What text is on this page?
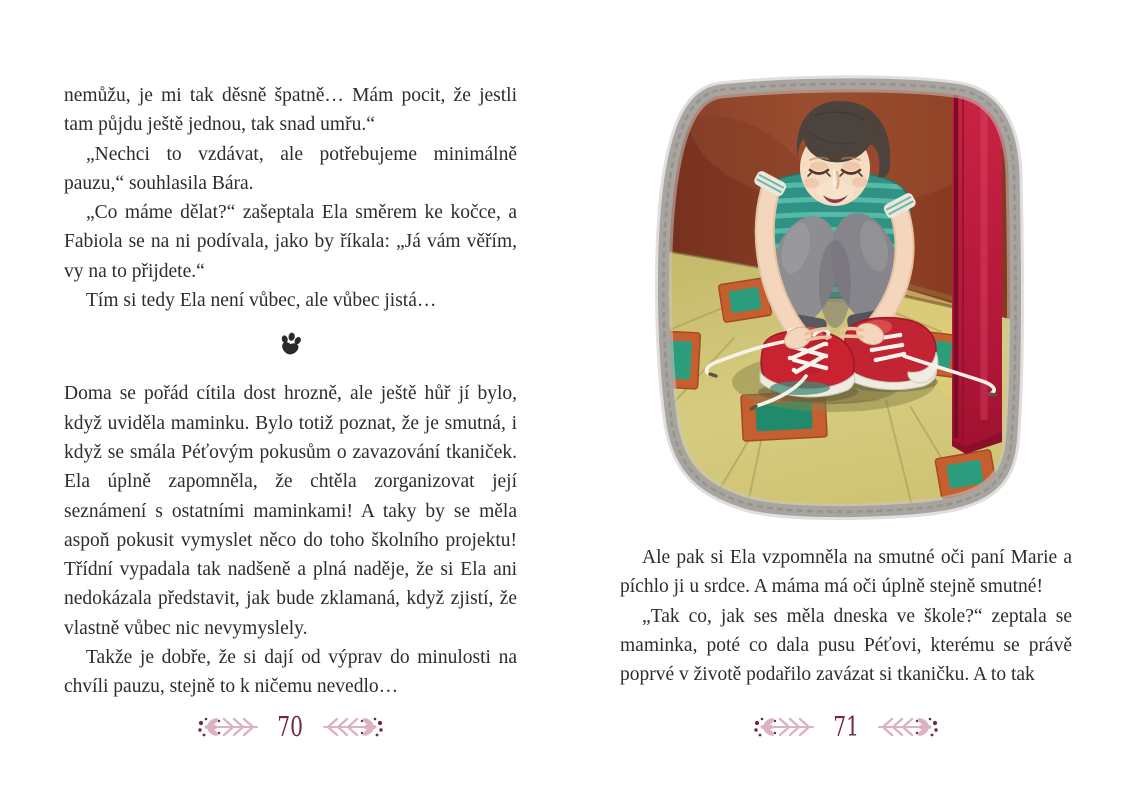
nemůžu, je mi tak děsně špatně… Mám pocit, že jestli tam půjdu ještě jednou, tak snad umřu.“

„Nechci to vzdávat, ale potřebujeme minimálně pauzu,“ souhlasila Bára.

„Co máme dělat?“ zašeptala Ela směrem ke kočce, a Fabiola se na ni podívala, jako by říkala: „Já vám věřím, vy na to přijdete.“

Tím si tedy Ela není vůbec, ale vůbec jistá…

Doma se pořád cítila dost hrozně, ale ještě hůř jí bylo, když uviděla maminku. Bylo totiž poznat, že je smutná, i když se smála Péťovým pokusům o zavazování tkaniček. Ela úplně zapomněla, že chtěla zorganizovat její seznámení s ostatními maminkami! A taky by se měla aspoň pokusit vymyslet něco do toho školního projektu! Třídní vypadala tak nadšeně a plná naděje, že si Ela ani nedokázala představit, jak bude zklamaná, když zjistí, že vlastně vůbec nic nevymyslely.

Takže je dobře, že si dají od výprav do minulosti na chvíli pauzu, stejně to k ničemu nevedlo…

Ale pak si Ela vzpomněla na smutné oči paní Marie a píchlo ji u srdce. A máma má oči úplně stejně smutné!

„Tak co, jak ses měla dneska ve škole?“ zeptala se maminka, poté co dala pusu Péťovi, kterému se právě poprvé v životě podařilo zavázat si tkaničku. A to tak

70	71
